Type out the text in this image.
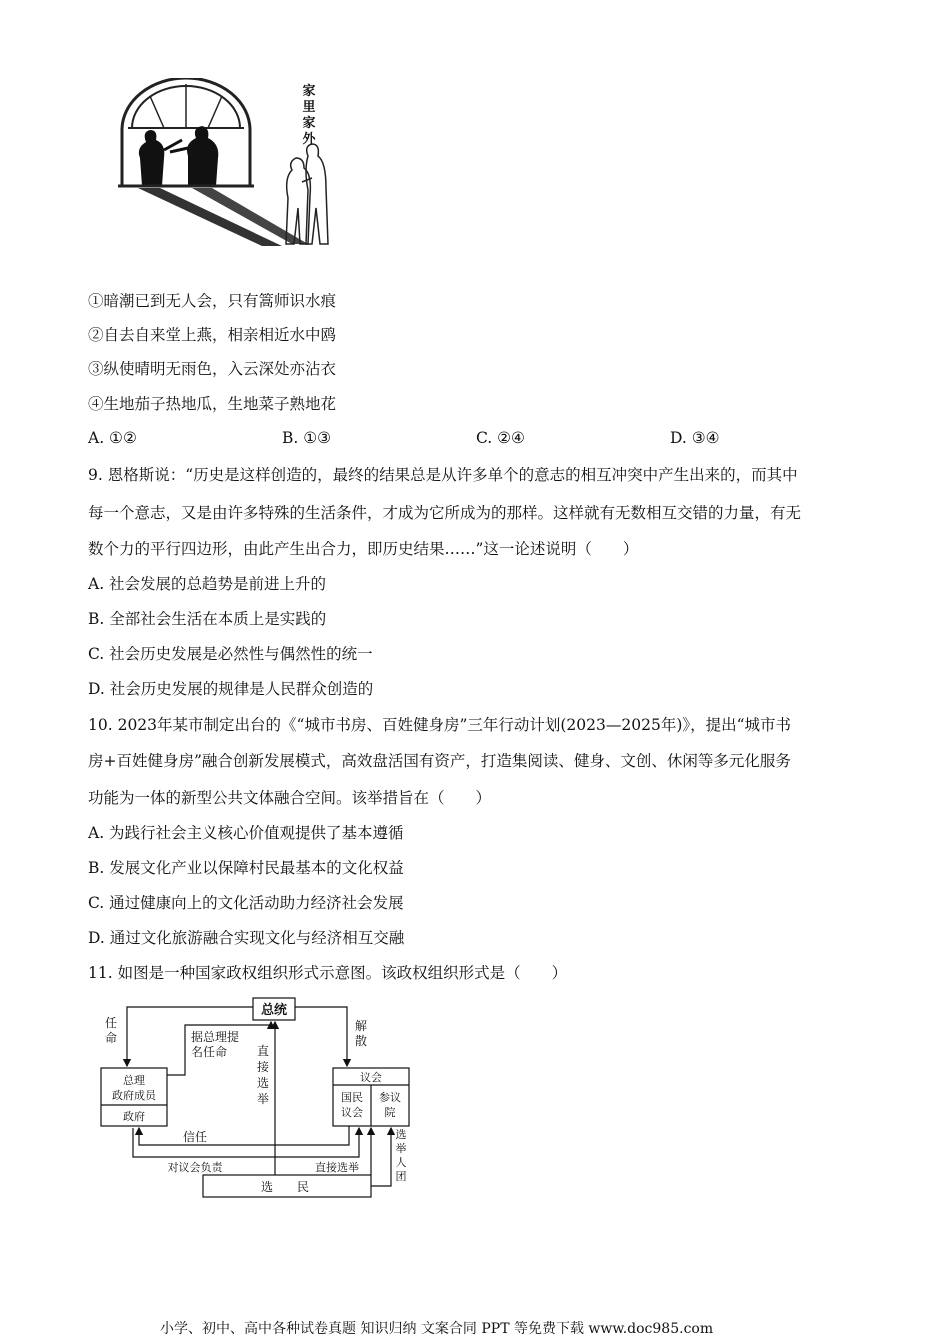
家
里
家
外
①暗潮已到无人会，只有篙师识水痕
②自去自来堂上燕，相亲相近水中鸥
③纵使晴明无雨色，入云深处亦沾衣
④生地茄子热地瓜，生地菜子熟地花
A. ①②	B. ①③	C. ②④	D. ③④
9. 恩格斯说：“历史是这样创造的，最终的结果总是从许多单个的意志的相互冲突中产生出来的，而其中
每一个意志，又是由许多特殊的生活条件，才成为它所成为的那样。这样就有无数相互交错的力量，有无
数个力的平行四边形，由此产生出合力，即历史结果……”这一论述说明（　　）
A. 社会发展的总趋势是前进上升的
B. 全部社会生活在本质上是实践的
C. 社会历史发展是必然性与偶然性的统一
D. 社会历史发展的规律是人民群众创造的
10. 2023年某市制定出台的《“城市书房、百姓健身房”三年行动计划(2023—2025年)》，提出“城市书
房+百姓健身房”融合创新发展模式，高效盘活国有资产，打造集阅读、健身、文创、休闲等多元化服务
功能为一体的新型公共文体融合空间。该举措旨在（　　）
A. 为践行社会主义核心价值观提供了基本遵循
B. 发展文化产业以保障村民最基本的文化权益
C. 通过健康向上的文化活动助力经济社会发展
D. 通过文化旅游融合实现文化与经济相互交融
11. 如图是一种国家政权组织形式示意图。该政权组织形式是（　　）
总统
任
命	据总理提
名任命 直
接
选
举
解
散
总理
政府成员
政府
议会
国民
议会
参议
院
信任
对议会负责	直接选举
选
举
人
团
选　　民
小学、初中、高中各种试卷真题 知识归纳 文案合同 PPT 等免费下载 www.doc985.com
